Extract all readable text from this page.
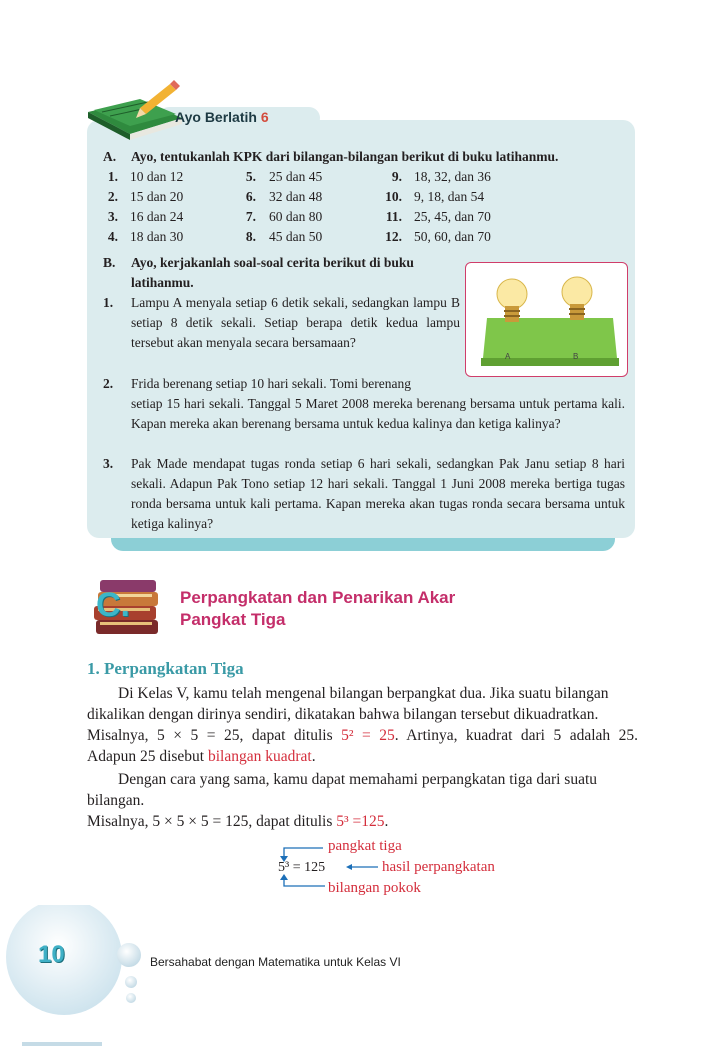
Ayo Berlatih 6
A. Ayo, tentukanlah KPK dari bilangan-bilangan berikut di buku latihanmu.
1. 10 dan 12	5. 25 dan 45	9. 18, 32, dan 36
2. 15 dan 20	6. 32 dan 48	10. 9, 18, dan 54
3. 16 dan 24	7. 60 dan 80	11. 25, 45, dan 70
4. 18 dan 30	8. 45 dan 50	12. 50, 60, dan 70
B. Ayo, kerjakanlah soal-soal cerita berikut di buku
latihanmu.
1. Lampu A menyala setiap 6 detik sekali, sedangkan lampu B setiap 8 detik sekali. Setiap berapa detik kedua lampu tersebut akan menyala secara bersamaan?
2. Frida berenang setiap 10 hari sekali. Tomi berenang
setiap 15 hari sekali. Tanggal 5 Maret 2008 mereka berenang bersama untuk pertama kali. Kapan mereka akan berenang bersama untuk kedua kalinya dan ketiga kalinya?
3. Pak Made mendapat tugas ronda setiap 6 hari sekali, sedangkan Pak Janu setiap 8 hari sekali. Adapun Pak Tono setiap 12 hari sekali. Tanggal 1 Juni 2008 mereka bertiga tugas ronda bersama untuk kali pertama. Kapan mereka akan tugas ronda secara bersama untuk ketiga kalinya?
A	B
C.	Perpangkatan dan Penarikan Akar
Pangkat Tiga
1. Perpangkatan Tiga
Di Kelas V, kamu telah mengenal bilangan berpangkat dua. Jika suatu bilangan
dikalikan dengan dirinya sendiri, dikatakan bahwa bilangan tersebut dikuadratkan.
Misalnya, 5 × 5 = 25, dapat ditulis 5² = 25. Artinya, kuadrat dari 5 adalah 25.
Adapun 25 disebut bilangan kuadrat.
Dengan cara yang sama, kamu dapat memahami perpangkatan tiga dari suatu
bilangan.
Misalnya, 5 × 5 × 5 = 125, dapat ditulis 5³ =125.
5³ = 125
pangkat tiga
hasil perpangkatan
bilangan pokok
10	Bersahabat dengan Matematika untuk Kelas VI
